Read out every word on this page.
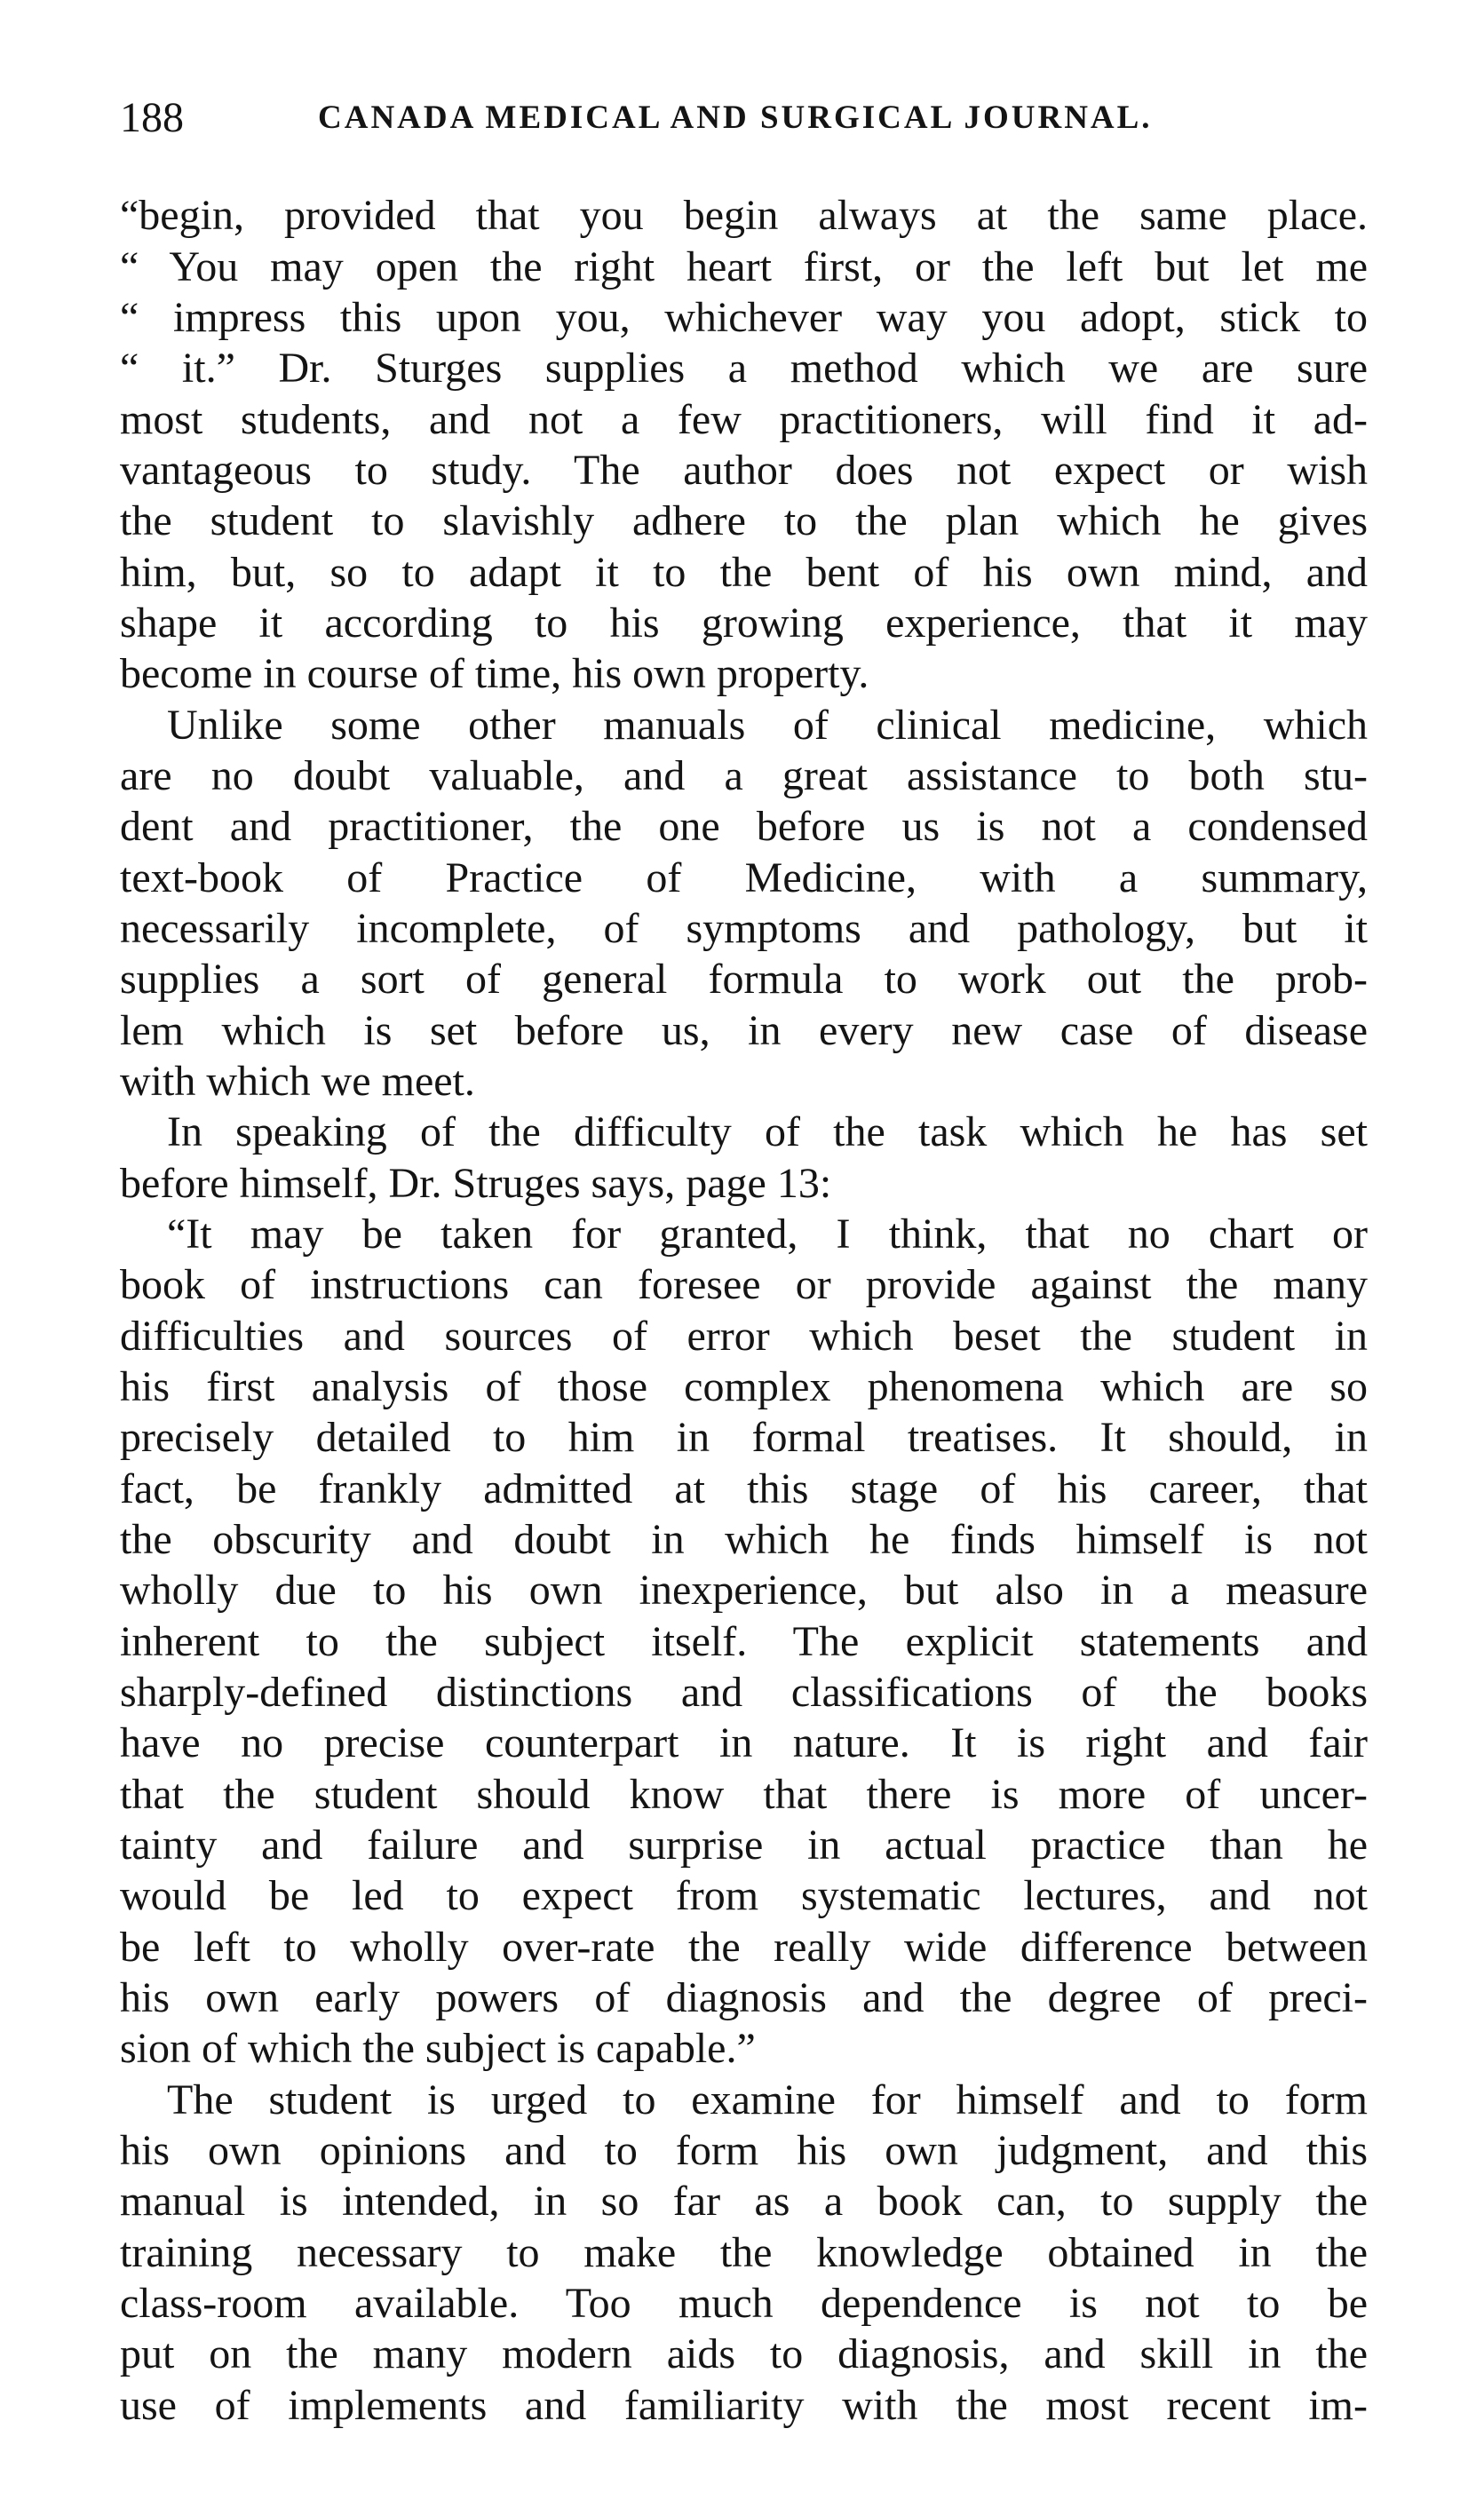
188	CANADA MEDICAL AND SURGICAL JOURNAL.
“begin, provided that you begin always at the same place.
“ You may open the right heart first, or the left but let me
“ impress this upon you, whichever way you adopt, stick to
“ it.” Dr. Sturges supplies a method which we are sure
most students, and not a few practitioners, will find it ad-
vantageous to study. The author does not expect or wish
the student to slavishly adhere to the plan which he gives
him, but, so to adapt it to the bent of his own mind, and
shape it according to his growing experience, that it may
become in course of time, his own property.
Unlike some other manuals of clinical medicine, which
are no doubt valuable, and a great assistance to both stu-
dent and practitioner, the one before us is not a condensed
text-book of Practice of Medicine, with a summary,
necessarily incomplete, of symptoms and pathology, but it
supplies a sort of general formula to work out the prob-
lem which is set before us, in every new case of disease
with which we meet.
In speaking of the difficulty of the task which he has set
before himself, Dr. Struges says, page 13:
“It may be taken for granted, I think, that no chart or
book of instructions can foresee or provide against the many
difficulties and sources of error which beset the student in
his first analysis of those complex phenomena which are so
precisely detailed to him in formal treatises. It should, in
fact, be frankly admitted at this stage of his career, that
the obscurity and doubt in which he finds himself is not
wholly due to his own inexperience, but also in a measure
inherent to the subject itself. The explicit statements and
sharply-defined distinctions and classifications of the books
have no precise counterpart in nature. It is right and fair
that the student should know that there is more of uncer-
tainty and failure and surprise in actual practice than he
would be led to expect from systematic lectures, and not
be left to wholly over-rate the really wide difference between
his own early powers of diagnosis and the degree of preci-
sion of which the subject is capable.”
The student is urged to examine for himself and to form
his own opinions and to form his own judgment, and this
manual is intended, in so far as a book can, to supply the
training necessary to make the knowledge obtained in the
class-room available. Too much dependence is not to be
put on the many modern aids to diagnosis, and skill in the
use of implements and familiarity with the most recent im-
